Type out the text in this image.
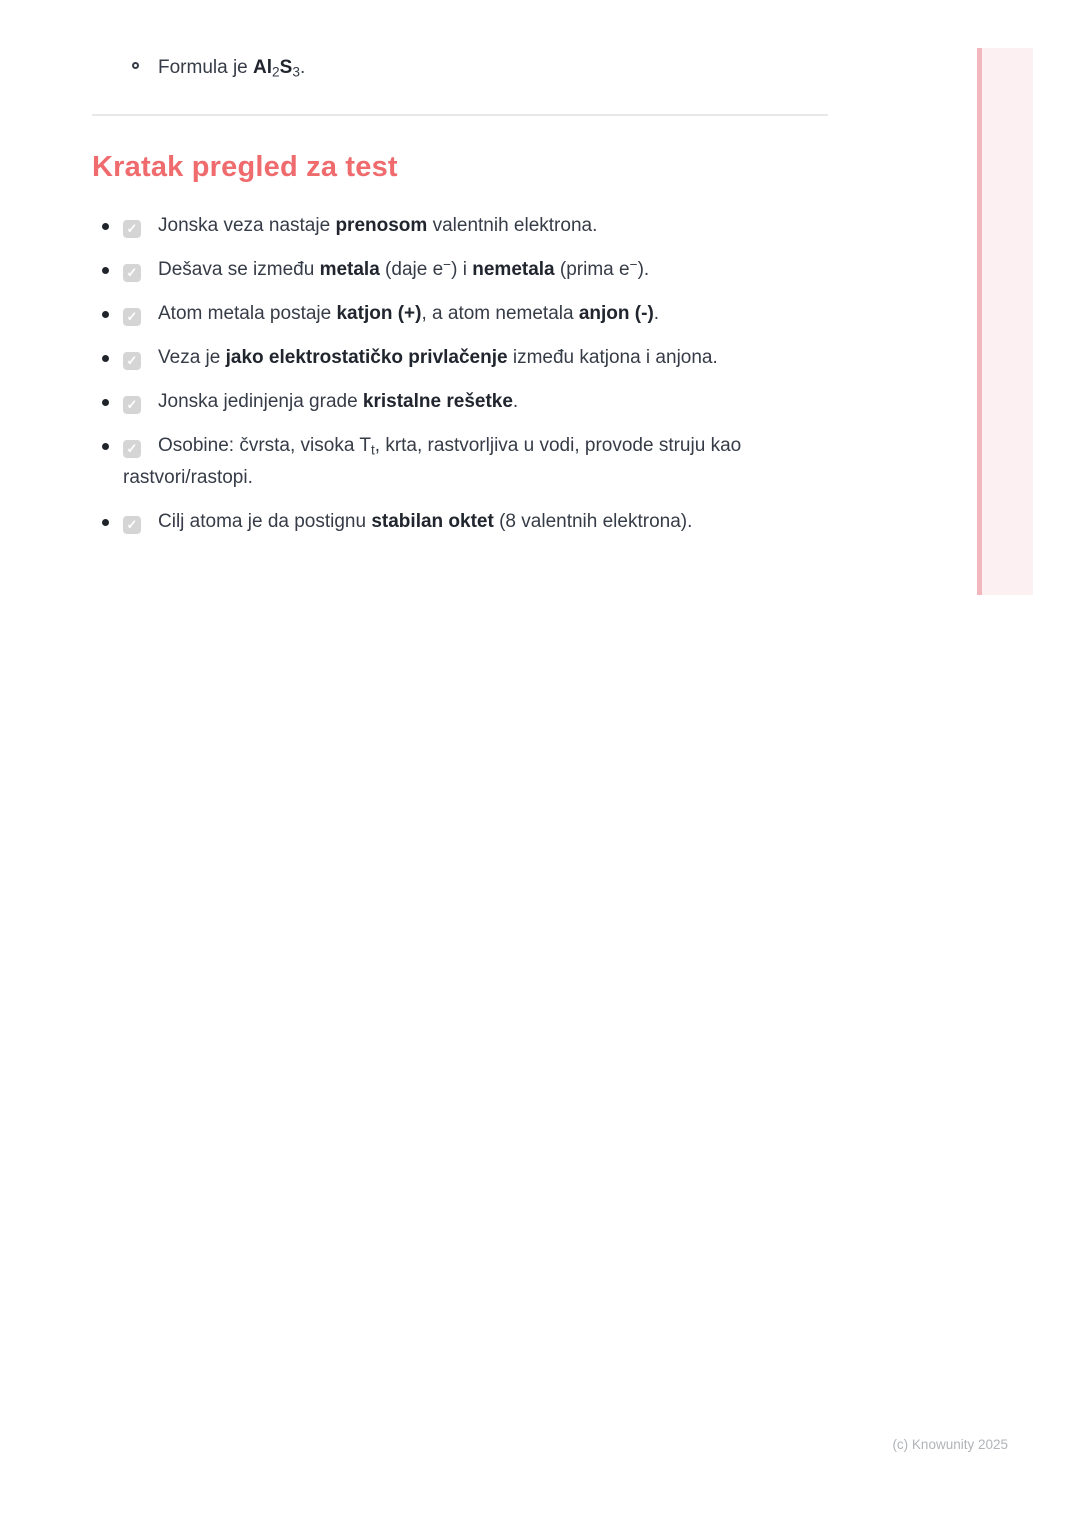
Formula je $Al_2S_3$.
Kratak pregled za test
✓ Jonska veza nastaje prenosom valentnih elektrona.
✓ Dešava se između metala (daje e−) i nemetala (prima e−).
✓ Atom metala postaje katjon (+), a atom nemetala anjon (-).
✓ Veza je jako elektrostatičko privlačenje između katjona i anjona.
✓ Jonska jedinjenja grade kristalne rešetke.
✓ Osobine: čvrsta, visoka $T_t$, krta, rastvorljiva u vodi, provode struju kao rastvori/rastopi.
✓ Cilj atoma je da postignu stabilan oktet (8 valentnih elektrona).
(c) Knowunity 2025
